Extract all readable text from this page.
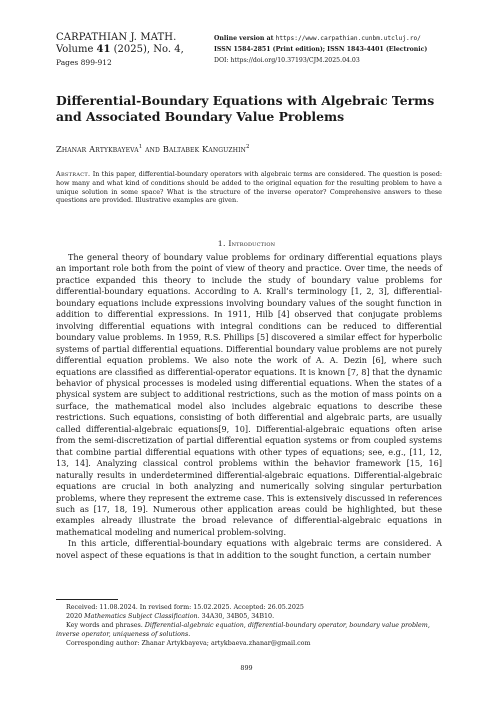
CARPATHIAN J. MATH.
Volume 41 (2025), No. 4,
Pages 899-912
Online version at https://www.carpathian.cunbm.utcluj.ro/
ISSN 1584-2851 (Print edition); ISSN 1843-4401 (Electronic)
DOI: https://doi.org/10.37193/CJM.2025.04.03
Differential-Boundary Equations with Algebraic Terms and Associated Boundary Value Problems
Zhanar Artykbayeva$^1$ and Baltabek Kanguzhin$^2$
Abstract. In this paper, differential-boundary operators with algebraic terms are considered. The question is posed: how many and what kind of conditions should be added to the original equation for the resulting problem to have a unique solution in some space? What is the structure of the inverse operator? Comprehensive answers to these questions are provided. Illustrative examples are given.
1. Introduction

The general theory of boundary value problems for ordinary differential equations plays an important role both from the point of view of theory and practice. Over time, the needs of practice expanded this theory to include the study of boundary value problems for differential-boundary equations. According to A. Krall’s terminology [1, 2, 3], differential-boundary equations include expressions involving boundary values of the sought function in addition to differential expressions. In 1911, Hilb [4] observed that conjugate problems involving differential equations with integral conditions can be reduced to differential boundary value problems. In 1959, R.S. Phillips [5] discovered a similar effect for hyperbolic systems of partial differential equations. Differential boundary value problems are not purely differential equation problems. We also note the work of A. A. Dezin [6], where such equations are classified as differential-operator equations. It is known [7, 8] that the dynamic behavior of physical processes is modeled using differential equations. When the states of a physical system are subject to additional restrictions, such as the motion of mass points on a surface, the mathematical model also includes algebraic equations to describe these restrictions. Such equations, consisting of both differential and algebraic parts, are usually called differential-algebraic equations[9, 10]. Differential-algebraic equations often arise from the semi-discretization of partial differential equation systems or from coupled systems that combine partial differential equations with other types of equations; see, e.g., [11, 12, 13, 14]. Analyzing classical control problems within the behavior framework [15, 16] naturally results in underdetermined differential-algebraic equations. Differential-algebraic equations are crucial in both analyzing and numerically solving singular perturbation problems, where they represent the extreme case. This is extensively discussed in references such as [17, 18, 19]. Numerous other application areas could be highlighted, but these examples already illustrate the broad relevance of differential-algebraic equations in mathematical modeling and numerical problem-solving.

In this article, differential-boundary equations with algebraic terms are considered. A novel aspect of these equations is that in addition to the sought function, a certain number

Received: 11.08.2024. In revised form: 15.02.2025. Accepted: 26.05.2025
2020 Mathematics Subject Classification. 34A30, 34B05, 34B10.
Key words and phrases. Differential-algebraic equation, differential-boundary operator, boundary value problem, inverse operator, uniqueness of solutions.
Corresponding author: Zhanar Artykbayeva; artykbaeva.zhanar@gmail.com
899
